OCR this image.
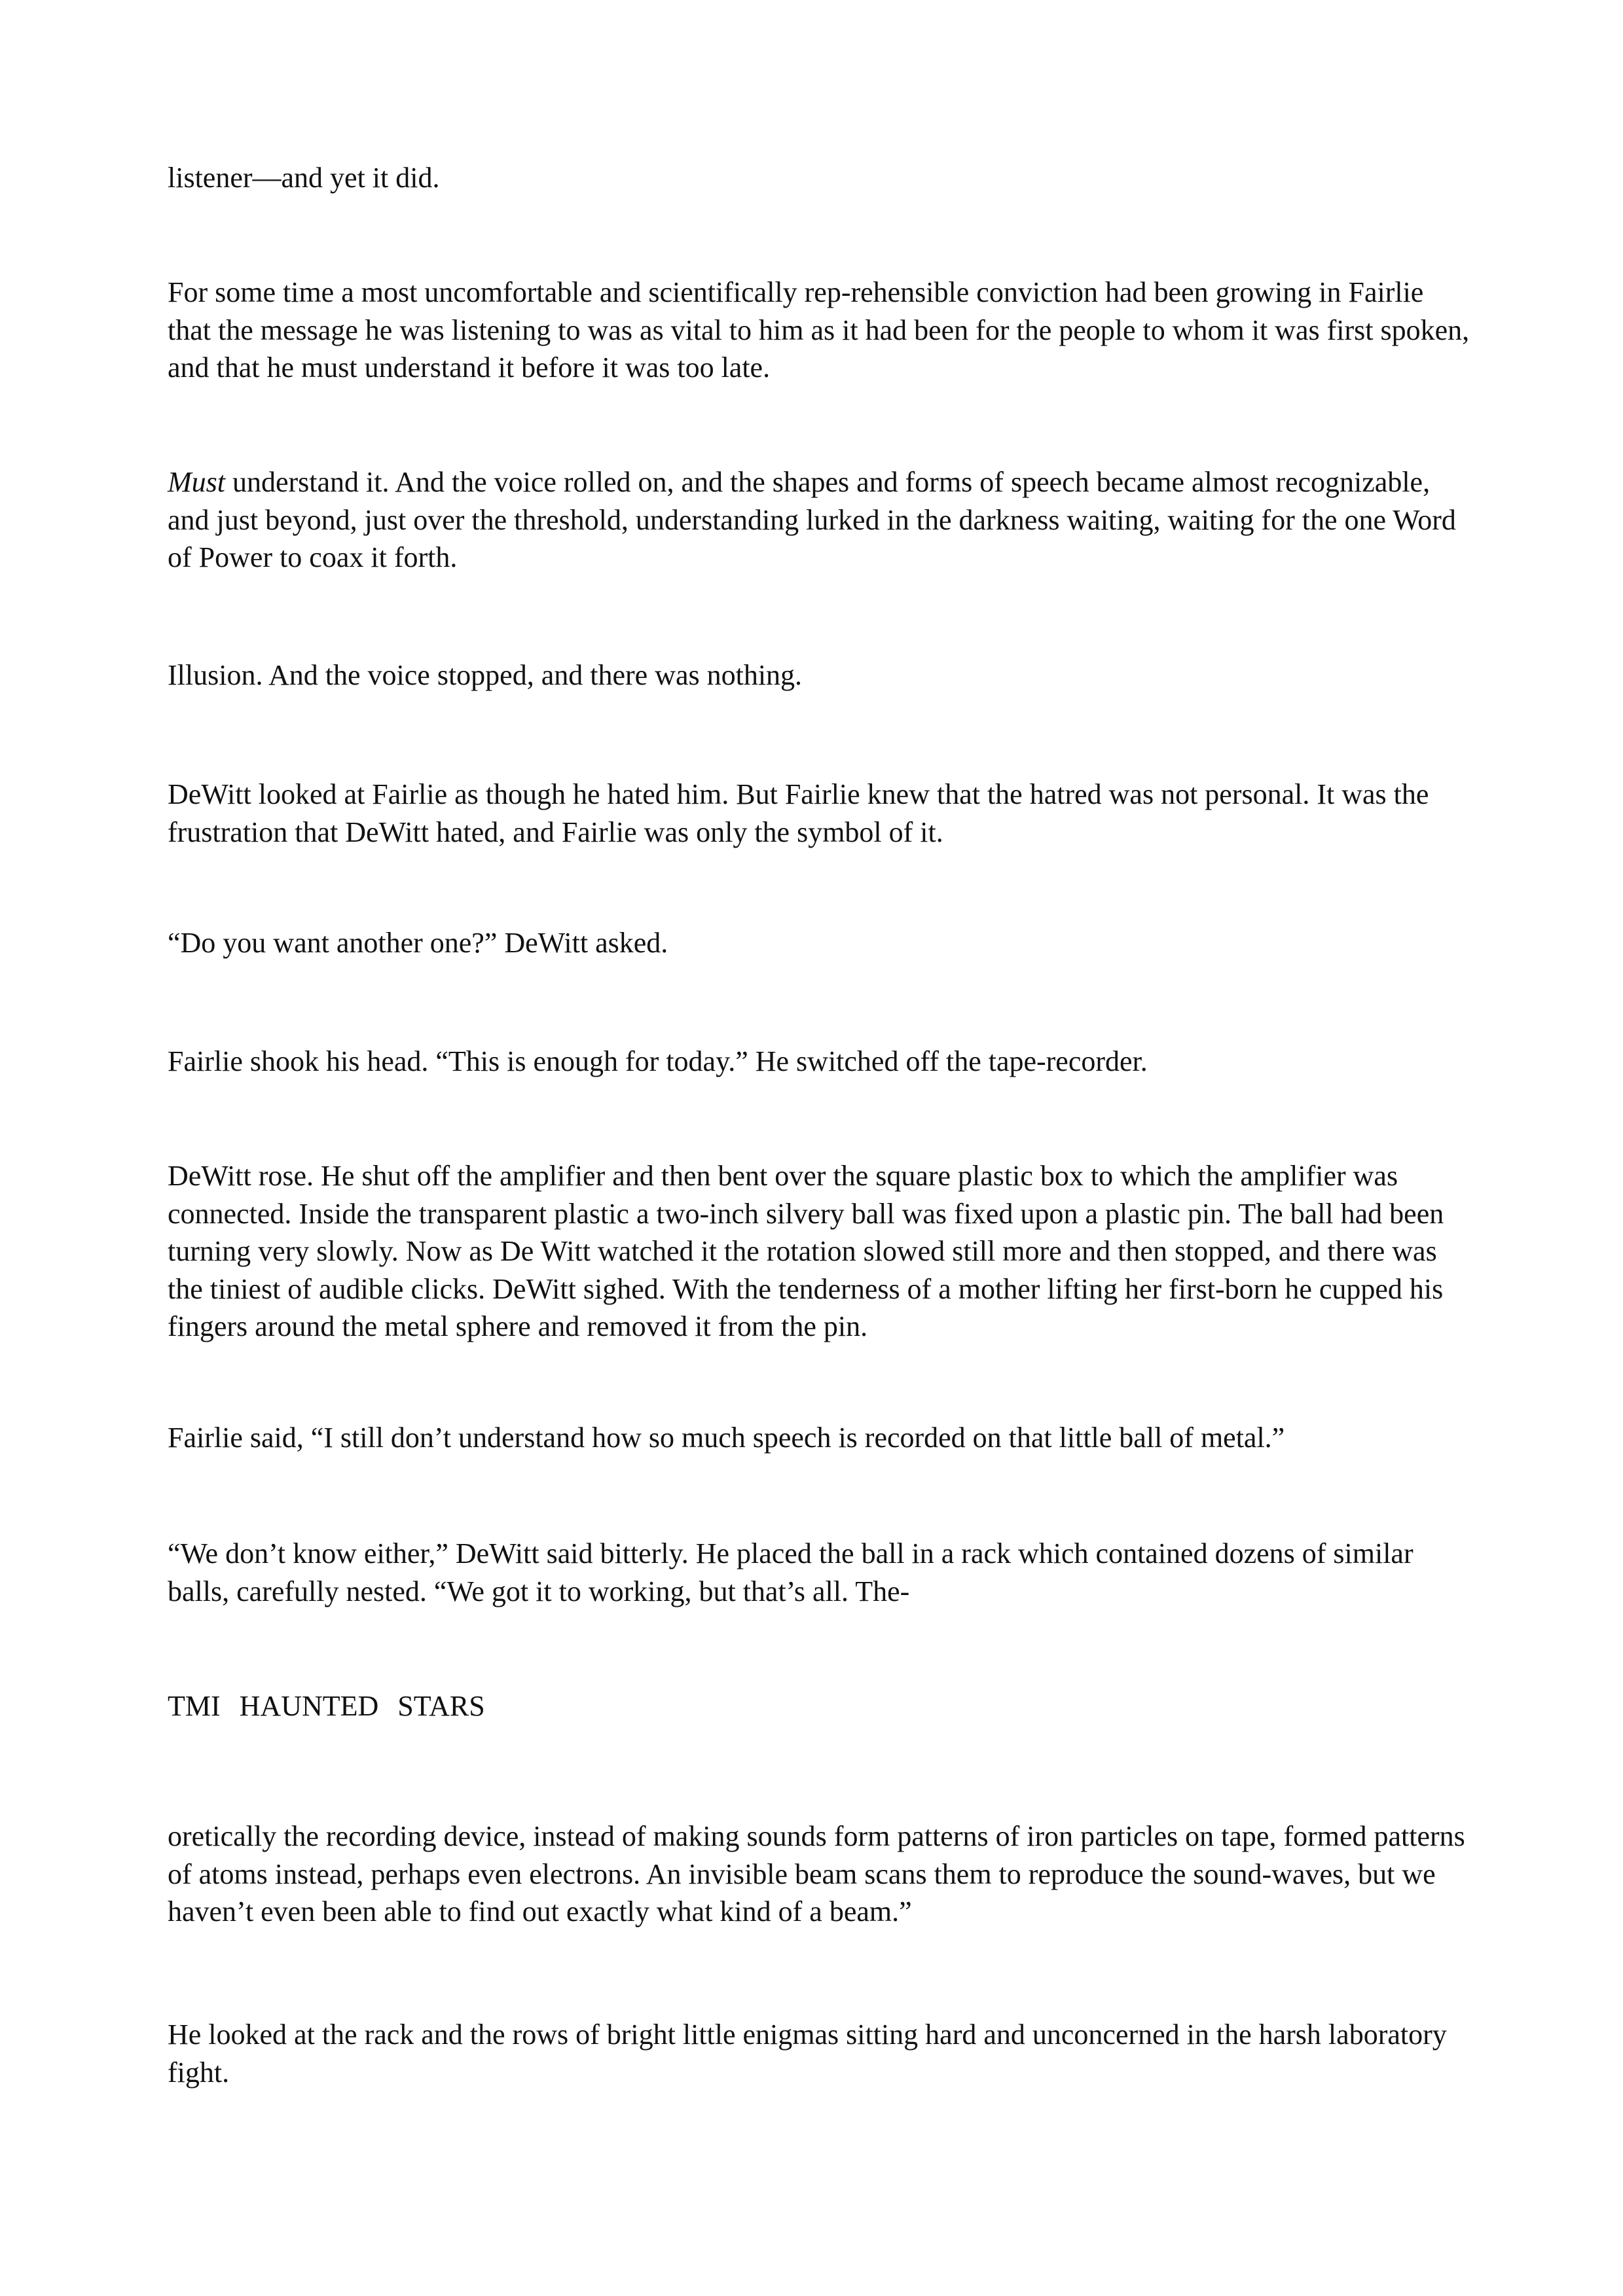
listener—and yet it did.

For some time a most uncomfortable and scientifically rep-rehensible conviction had been growing in Fairlie that the message he was listening to was as vital to him as it had been for the people to whom it was first spoken, and that he must understand it before it was too late.

Must understand it. And the voice rolled on, and the shapes and forms of speech became almost recognizable, and just beyond, just over the threshold, understanding lurked in the darkness waiting, waiting for the one Word of Power to coax it forth.

Illusion. And the voice stopped, and there was nothing.

DeWitt looked at Fairlie as though he hated him. But Fairlie knew that the hatred was not personal. It was the frustration that DeWitt hated, and Fairlie was only the symbol of it.

“Do you want another one?” DeWitt asked.

Fairlie shook his head. “This is enough for today.” He switched off the tape-recorder.

DeWitt rose. He shut off the amplifier and then bent over the square plastic box to which the amplifier was connected. Inside the transparent plastic a two-inch silvery ball was fixed upon a plastic pin. The ball had been turning very slowly. Now as De Witt watched it the rotation slowed still more and then stopped, and there was the tiniest of audible clicks. DeWitt sighed. With the tenderness of a mother lifting her first-born he cupped his fingers around the metal sphere and removed it from the pin.

Fairlie said, “I still don’t understand how so much speech is recorded on that little ball of metal.”

“We don’t know either,” DeWitt said bitterly. He placed the ball in a rack which contained dozens of similar balls, carefully nested. “We got it to working, but that’s all. The-

TMI HAUNTED STARS

oretically the recording device, instead of making sounds form patterns of iron particles on tape, formed patterns of atoms instead, perhaps even electrons. An invisible beam scans them to reproduce the sound-waves, but we haven’t even been able to find out exactly what kind of a beam.”

He looked at the rack and the rows of bright little enigmas sitting hard and unconcerned in the harsh laboratory fight.
